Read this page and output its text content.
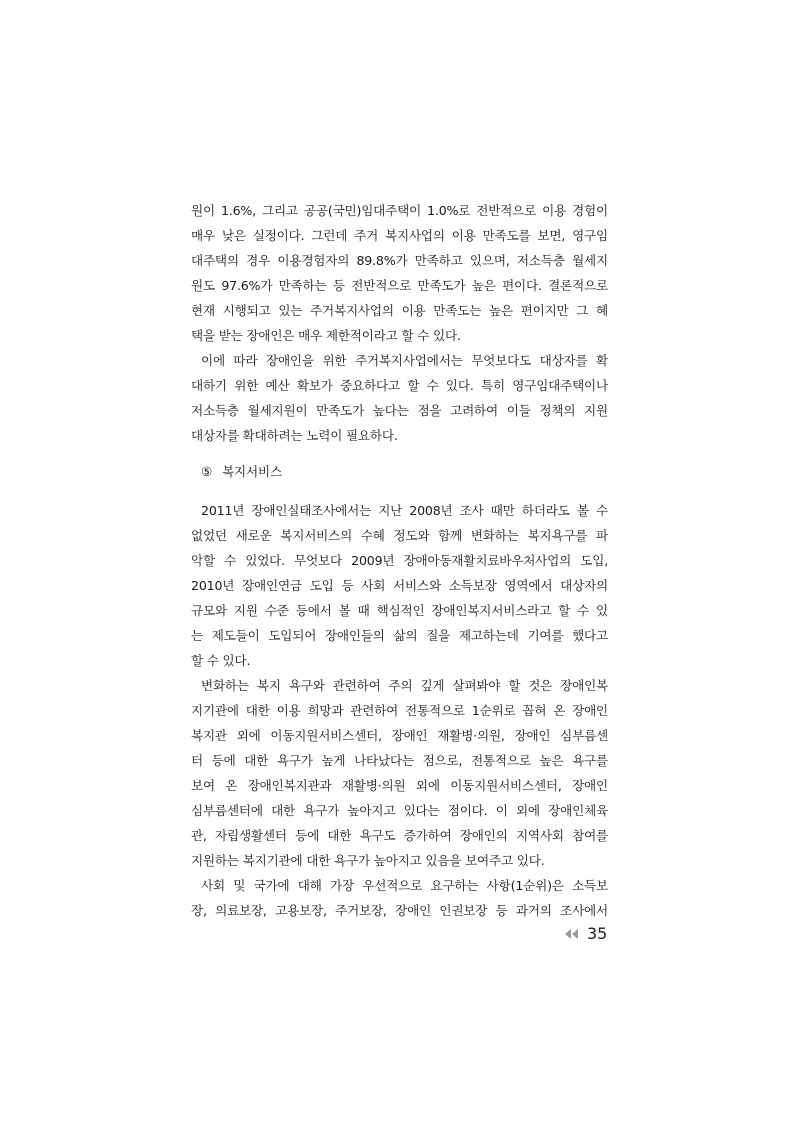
원이 1.6%, 그리고 공공(국민)임대주택이 1.0%로 전반적으로 이용 경험이
매우 낮은 실정이다. 그런데 주거 복지사업의 이용 만족도를 보면, 영구임
대주택의 경우 이용경험자의 89.8%가 만족하고 있으며, 저소득층 월세지
원도 97.6%가 만족하는 등 전반적으로 만족도가 높은 편이다. 결론적으로
현재 시행되고 있는 주거복지사업의 이용 만족도는 높은 편이지만 그 혜
택을 받는 장애인은 매우 제한적이라고 할 수 있다.
이에 따라 장애인을 위한 주거복지사업에서는 무엇보다도 대상자를 확
대하기 위한 예산 확보가 중요하다고 할 수 있다. 특히 영구임대주택이나
저소득층 월세지원이 만족도가 높다는 점을 고려하여 이들 정책의 지원
대상자를 확대하려는 노력이 필요하다.
⑤ 복지서비스
2011년 장애인실태조사에서는 지난 2008년 조사 때만 하더라도 볼 수
없었던 새로운 복지서비스의 수혜 정도와 함께 변화하는 복지욕구를 파
악할 수 있었다. 무엇보다 2009년 장애아동재활치료바우처사업의 도입,
2010년 장애인연금 도입 등 사회 서비스와 소득보장 영역에서 대상자의
규모와 지원 수준 등에서 볼 때 핵심적인 장애인복지서비스라고 할 수 있
는 제도들이 도입되어 장애인들의 삶의 질을 제고하는데 기여를 했다고
할 수 있다.
변화하는 복지 욕구와 관련하여 주의 깊게 살펴봐야 할 것은 장애인복
지기관에 대한 이용 희망과 관련하여 전통적으로 1순위로 꼽혀 온 장애인
복지관 외에 이동지원서비스센터, 장애인 재활병·의원, 장애인 심부름센
터 등에 대한 욕구가 높게 나타났다는 점으로, 전통적으로 높은 욕구를
보여 온 장애인복지관과 재활병·의원 외에 이동지원서비스센터, 장애인
심부름센터에 대한 욕구가 높아지고 있다는 점이다. 이 외에 장애인체육
관, 자립생활센터 등에 대한 욕구도 증가하여 장애인의 지역사회 참여를
지원하는 복지기관에 대한 욕구가 높아지고 있음을 보여주고 있다.
사회 및 국가에 대해 가장 우선적으로 요구하는 사항(1순위)은 소득보
장, 의료보장, 고용보장, 주거보장, 장애인 인권보장 등 과거의 조사에서
35
